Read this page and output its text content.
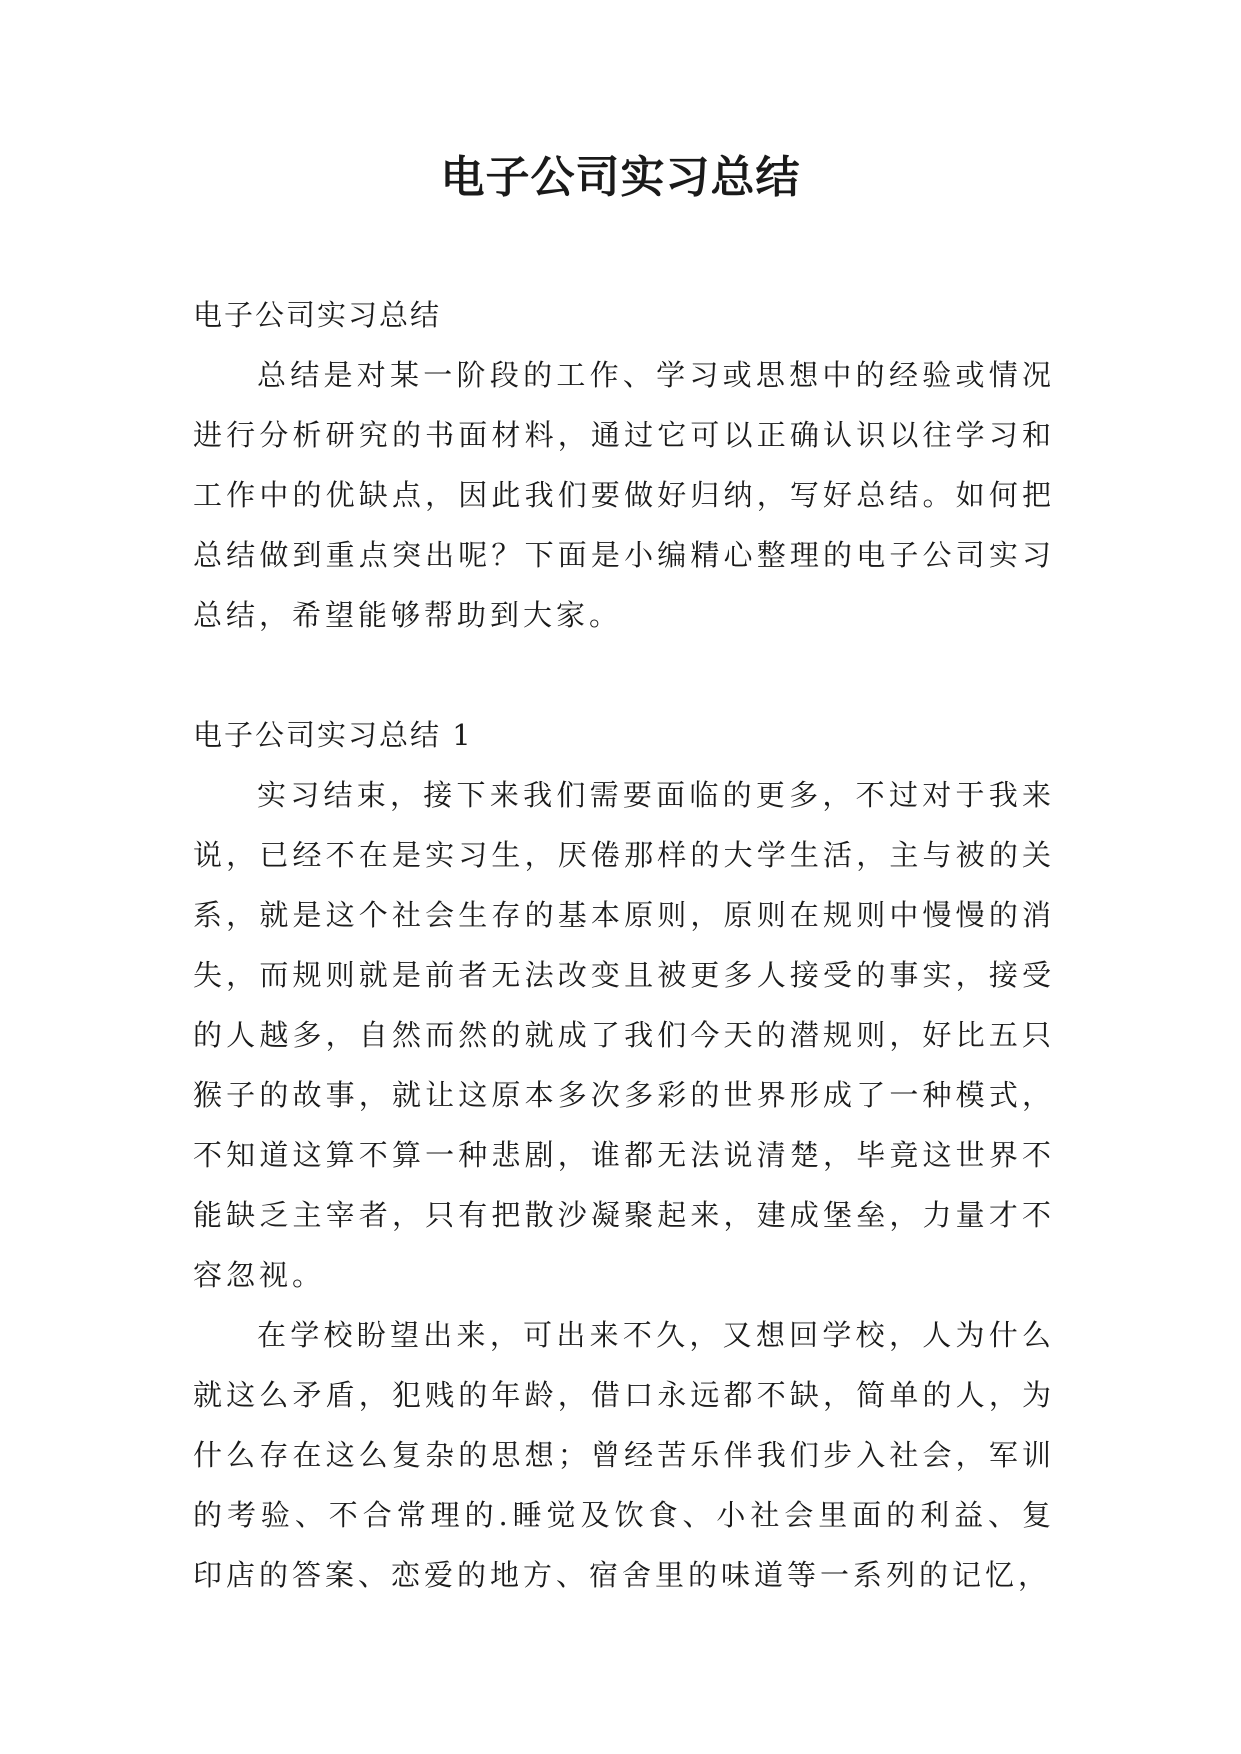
电子公司实习总结

电子公司实习总结

总结是对某一阶段的工作、学习或思想中的经验或情况进行分析研究的书面材料，通过它可以正确认识以往学习和工作中的优缺点，因此我们要做好归纳，写好总结。如何把总结做到重点突出呢？下面是小编精心整理的电子公司实习总结，希望能够帮助到大家。

电子公司实习总结 1

实习结束，接下来我们需要面临的更多，不过对于我来说，已经不在是实习生，厌倦那样的大学生活，主与被的关系，就是这个社会生存的基本原则，原则在规则中慢慢的消失，而规则就是前者无法改变且被更多人接受的事实，接受的人越多，自然而然的就成了我们今天的潜规则，好比五只猴子的故事，就让这原本多次多彩的世界形成了一种模式，不知道这算不算一种悲剧，谁都无法说清楚，毕竟这世界不能缺乏主宰者，只有把散沙凝聚起来，建成堡垒，力量才不容忽视。

在学校盼望出来，可出来不久，又想回学校，人为什么就这么矛盾，犯贱的年龄，借口永远都不缺，简单的人，为什么存在这么复杂的思想；曾经苦乐伴我们步入社会，军训的考验、不合常理的.睡觉及饮食、小社会里面的利益、复印店的答案、恋爱的地方、宿舍里的味道等一系列的记忆，
